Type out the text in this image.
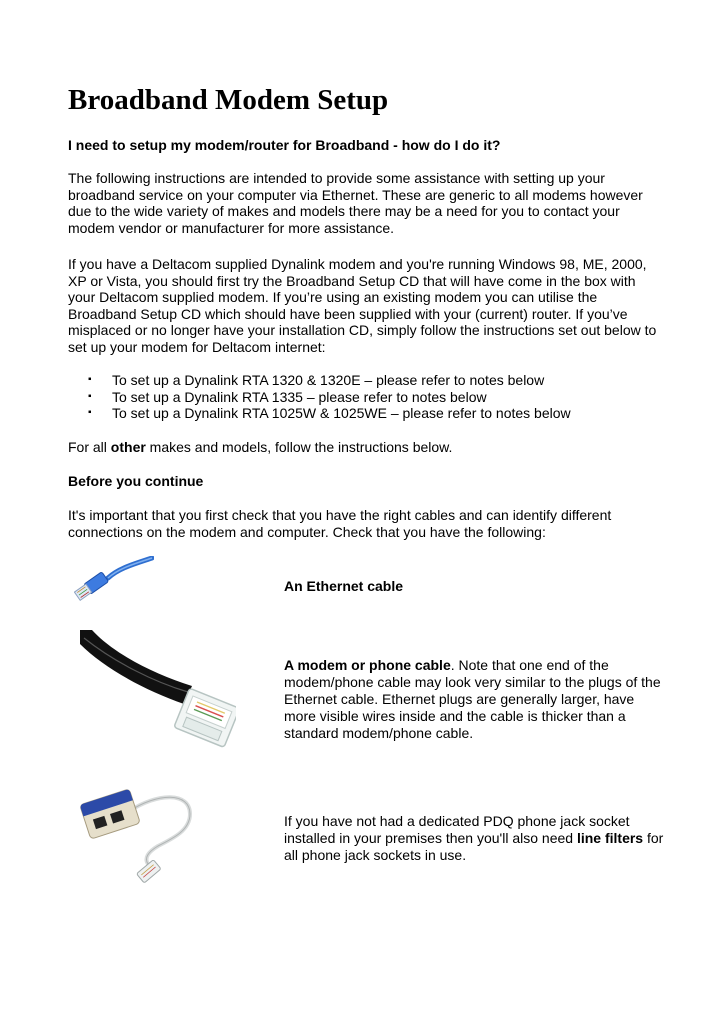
Broadband Modem Setup

I need to setup my modem/router for Broadband - how do I do it?

The following instructions are intended to provide some assistance with setting up your broadband service on your computer via Ethernet. These are generic to all modems however due to the wide variety of makes and models there may be a need for you to contact your modem vendor or manufacturer for more assistance.

If you have a Deltacom supplied Dynalink modem and you're running Windows 98, ME, 2000, XP or Vista, you should first try the Broadband Setup CD that will have come in the box with your Deltacom supplied modem. If you’re using an existing modem you can utilise the Broadband Setup CD which should have been supplied with your (current) router. If you’ve misplaced or no longer have your installation CD, simply follow the instructions set out below to set up your modem for Deltacom internet:

▪ To set up a Dynalink RTA 1320 & 1320E – please refer to notes below
▪ To set up a Dynalink RTA 1335 – please refer to notes below
▪ To set up a Dynalink RTA 1025W & 1025WE – please refer to notes below

For all other makes and models, follow the instructions below.

Before you continue

It's important that you first check that you have the right cables and can identify different connections on the modem and computer. Check that you have the following:

An Ethernet cable
A modem or phone cable. Note that one end of the modem/phone cable may look very similar to the plugs of the Ethernet cable. Ethernet plugs are generally larger, have more visible wires inside and the cable is thicker than a standard modem/phone cable.
If you have not had a dedicated PDQ phone jack socket installed in your premises then you'll also need line filters for all phone jack sockets in use.
